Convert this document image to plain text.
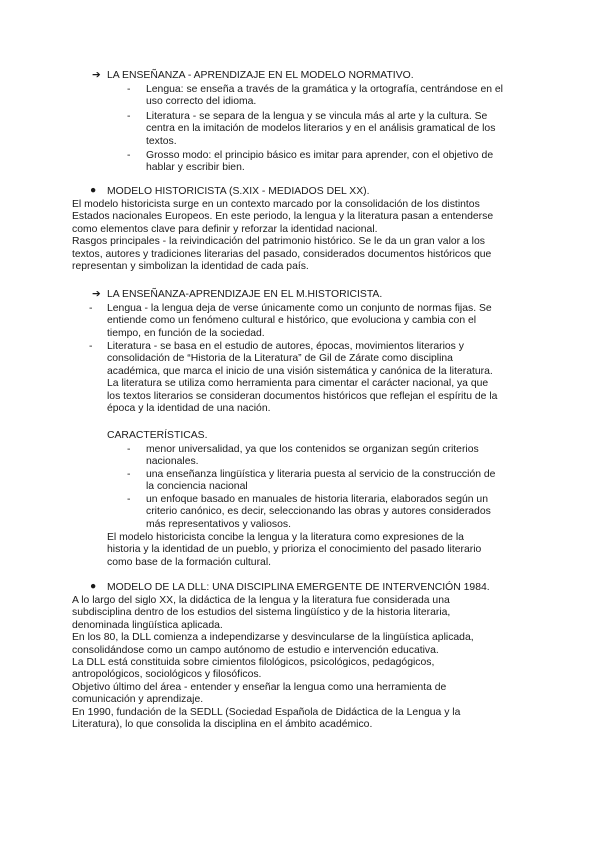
➔ LA ENSEÑANZA - APRENDIZAJE EN EL MODELO NORMATIVO.
- Lengua: se enseña a través de la gramática y la ortografía, centrándose en el
uso correcto del idioma.
- Literatura - se separa de la lengua y se vincula más al arte y la cultura. Se
centra en la imitación de modelos literarios y en el análisis gramatical de los
textos.
- Grosso modo: el principio básico es imitar para aprender, con el objetivo de
hablar y escribir bien.
● MODELO HISTORICISTA (S.XIX - MEDIADOS DEL XX).
El modelo historicista surge en un contexto marcado por la consolidación de los distintos
Estados nacionales Europeos. En este periodo, la lengua y la literatura pasan a entenderse
como elementos clave para definir y reforzar la identidad nacional.
Rasgos principales - la reivindicación del patrimonio histórico. Se le da un gran valor a los
textos, autores y tradiciones literarias del pasado, considerados documentos históricos que
representan y simbolizan la identidad de cada país.
➔ LA ENSEÑANZA-APRENDIZAJE EN EL M.HISTORICISTA.
- Lengua - la lengua deja de verse únicamente como un conjunto de normas fijas. Se
entiende como un fenómeno cultural e histórico, que evoluciona y cambia con el
tiempo, en función de la sociedad.
- Literatura - se basa en el estudio de autores, épocas, movimientos literarios y
consolidación de “Historia de la Literatura” de Gil de Zárate como disciplina
académica, que marca el inicio de una visión sistemática y canónica de la literatura.
La literatura se utiliza como herramienta para cimentar el carácter nacional, ya que
los textos literarios se consideran documentos históricos que reflejan el espíritu de la
época y la identidad de una nación.
CARACTERÍSTICAS.
- menor universalidad, ya que los contenidos se organizan según criterios
nacionales.
- una enseñanza lingüística y literaria puesta al servicio de la construcción de
la conciencia nacional
- un enfoque basado en manuales de historia literaria, elaborados según un
criterio canónico, es decir, seleccionando las obras y autores considerados
más representativos y valiosos.
El modelo historicista concibe la lengua y la literatura como expresiones de la
historia y la identidad de un pueblo, y prioriza el conocimiento del pasado literario
como base de la formación cultural.
● MODELO DE LA DLL: UNA DISCIPLINA EMERGENTE DE INTERVENCIÓN 1984.
A lo largo del siglo XX, la didáctica de la lengua y la literatura fue considerada una
subdisciplina dentro de los estudios del sistema lingüístico y de la historia literaria,
denominada lingüística aplicada.
En los 80, la DLL comienza a independizarse y desvincularse de la lingüística aplicada,
consolidándose como un campo autónomo de estudio e intervención educativa.
La DLL está constituida sobre cimientos filológicos, psicológicos, pedagógicos,
antropológicos, sociológicos y filosóficos.
Objetivo último del área - entender y enseñar la lengua como una herramienta de
comunicación y aprendizaje.
En 1990, fundación de la SEDLL (Sociedad Española de Didáctica de la Lengua y la
Literatura), lo que consolida la disciplina en el ámbito académico.
